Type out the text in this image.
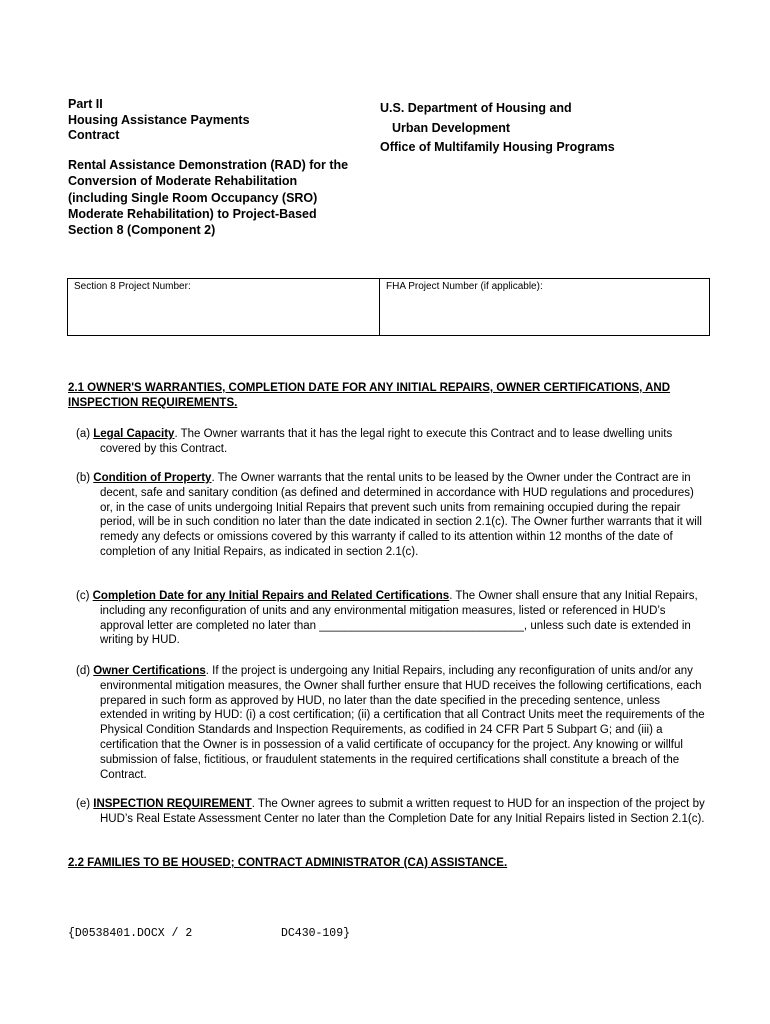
Part II
Housing Assistance Payments
Contract
U.S. Department of Housing and
Urban Development
Office of Multifamily Housing Programs
Rental Assistance Demonstration (RAD) for the Conversion of Moderate Rehabilitation (including Single Room Occupancy (SRO) Moderate Rehabilitation) to Project-Based Section 8 (Component 2)
Section 8 Project Number:	FHA Project Number (if applicable):
2.1 OWNER'S WARRANTIES, COMPLETION DATE FOR ANY INITIAL REPAIRS, OWNER CERTIFICATIONS, AND INSPECTION REQUIREMENTS.
(a) Legal Capacity. The Owner warrants that it has the legal right to execute this Contract and to lease dwelling units covered by this Contract.
(b) Condition of Property. The Owner warrants that the rental units to be leased by the Owner under the Contract are in decent, safe and sanitary condition (as defined and determined in accordance with HUD regulations and procedures) or, in the case of units undergoing Initial Repairs that prevent such units from remaining occupied during the repair period, will be in such condition no later than the date indicated in section 2.1(c). The Owner further warrants that it will remedy any defects or omissions covered by this warranty if called to its attention within 12 months of the date of completion of any Initial Repairs, as indicated in section 2.1(c).
(c) Completion Date for any Initial Repairs and Related Certifications. The Owner shall ensure that any Initial Repairs, including any reconfiguration of units and any environmental mitigation measures, listed or referenced in HUD’s approval letter are completed no later than ________________________________, unless such date is extended in writing by HUD.
(d) Owner Certifications. If the project is undergoing any Initial Repairs, including any reconfiguration of units and/or any environmental mitigation measures, the Owner shall further ensure that HUD receives the following certifications, each prepared in such form as approved by HUD, no later than the date specified in the preceding sentence, unless extended in writing by HUD: (i) a cost certification; (ii) a certification that all Contract Units meet the requirements of the Physical Condition Standards and Inspection Requirements, as codified in 24 CFR Part 5 Subpart G; and (iii) a certification that the Owner is in possession of a valid certificate of occupancy for the project. Any knowing or willful submission of false, fictitious, or fraudulent statements in the required certifications shall constitute a breach of the Contract.
(e) INSPECTION REQUIREMENT. The Owner agrees to submit a written request to HUD for an inspection of the project by HUD’s Real Estate Assessment Center no later than the Completion Date for any Initial Repairs listed in Section 2.1(c).
2.2 FAMILIES TO BE HOUSED; CONTRACT ADMINISTRATOR (CA) ASSISTANCE.
{D0538401.DOCX / 2	DC430-109}
